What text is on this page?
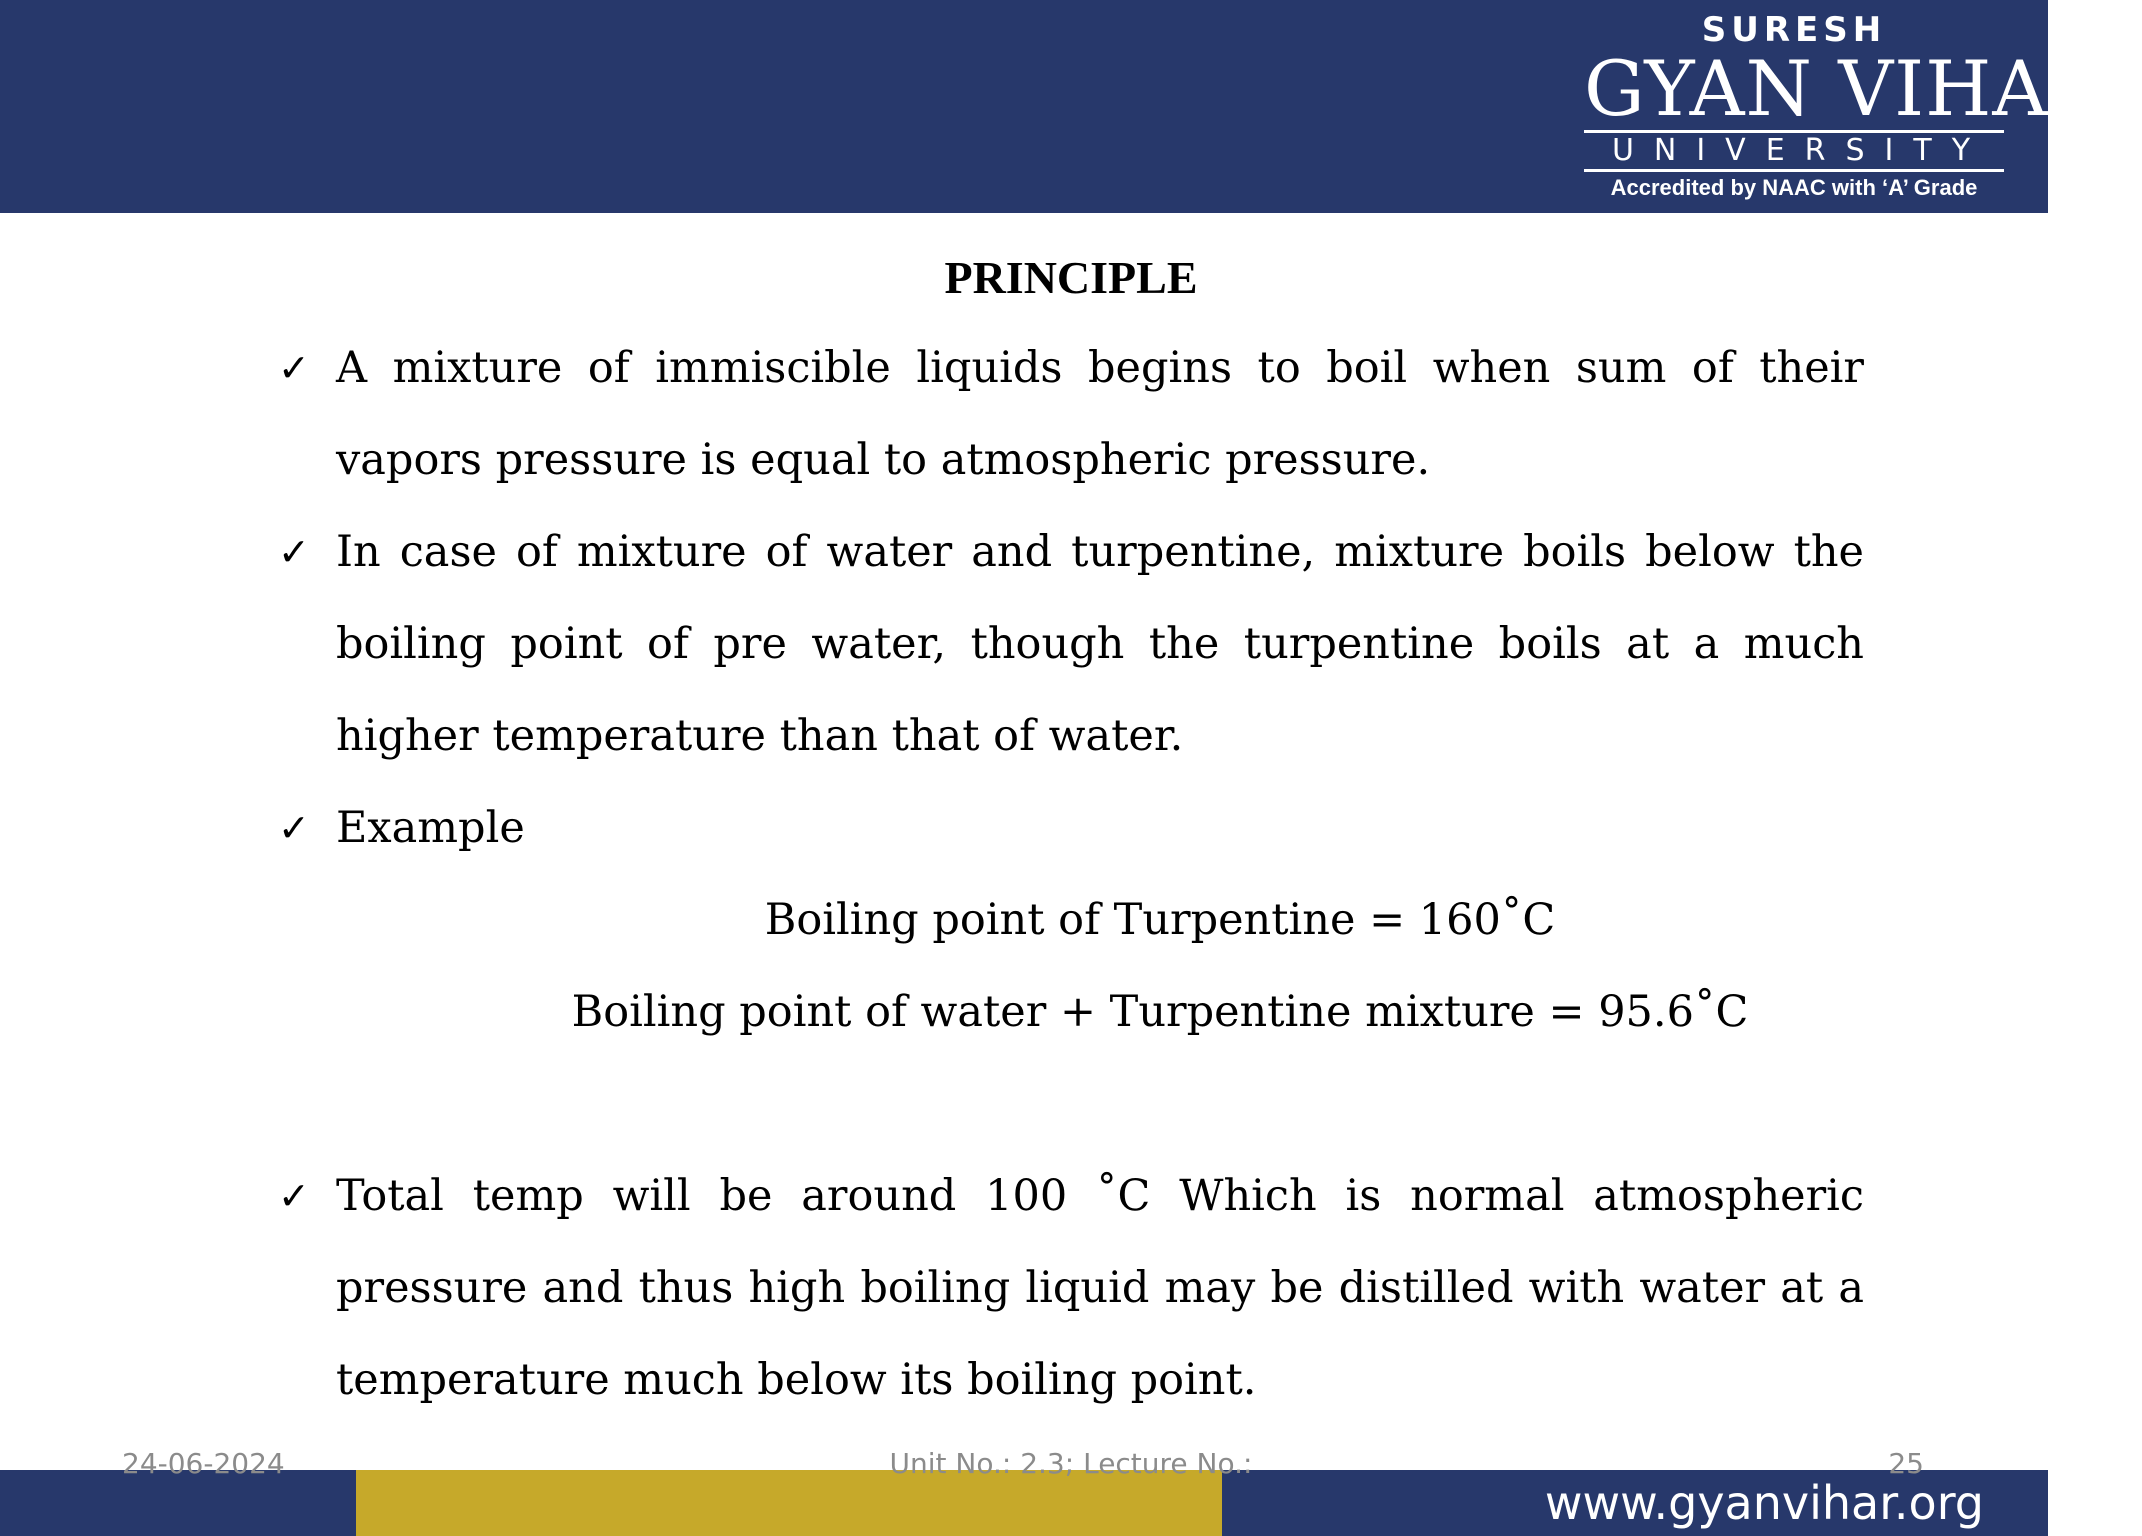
SURESH
GYAN VIHAR
UNIVERSITY
Accredited by NAAC with ‘A’ Grade
PRINCIPLE
✓ A mixture of immiscible liquids begins to boil when sum of their vapors pressure is equal to atmospheric pressure.
✓ In case of mixture of water and turpentine, mixture boils below the boiling point of pre water, though the turpentine boils at a much higher temperature than that of water.
✓ Example
Boiling point of Turpentine = 160˚C
Boiling point of water + Turpentine mixture = 95.6˚C
✓ Total temp will be around 100 ˚C Which is normal atmospheric pressure and thus high boiling liquid may be distilled with water at a temperature much below its boiling point.
www.gyanvihar.org
24-06-2024	Unit No.: 2.3; Lecture No.:	25
